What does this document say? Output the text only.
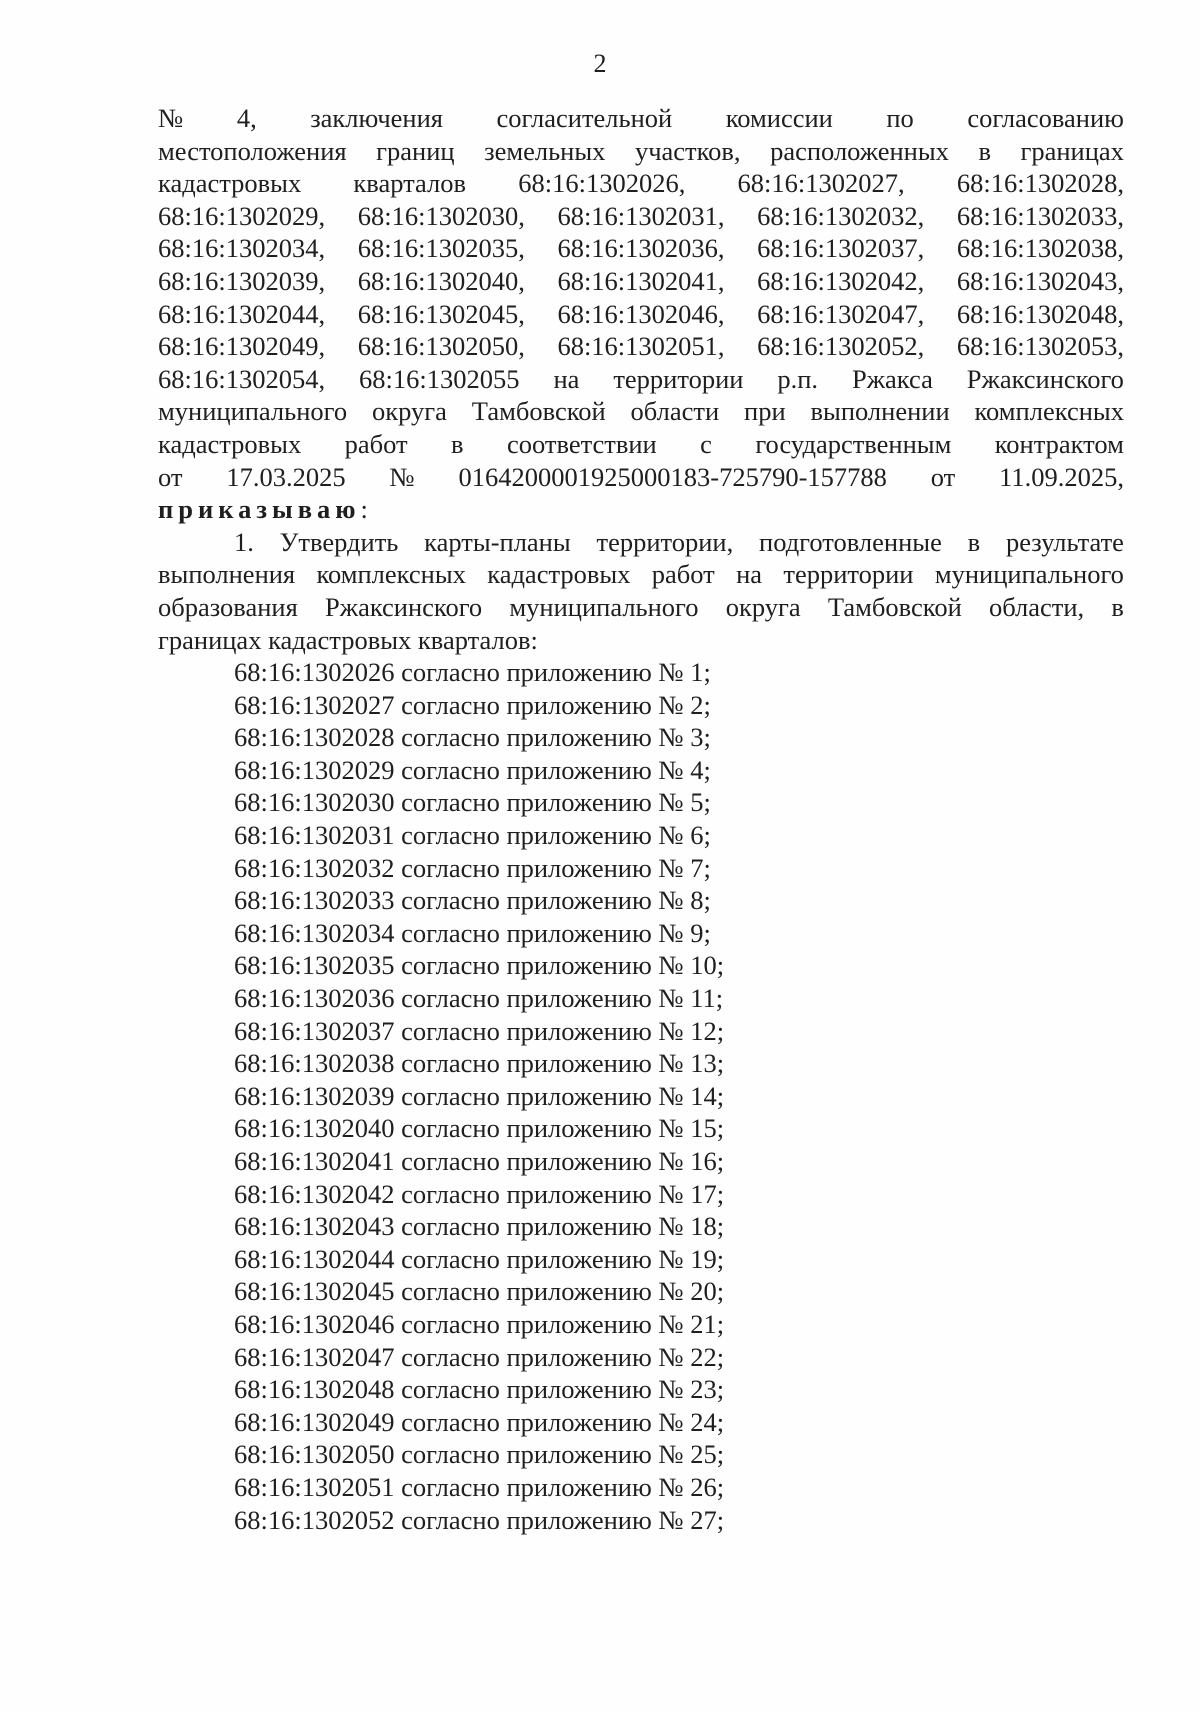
2
№ 4, заключения согласительной комиссии по согласованию
местоположения границ земельных участков, расположенных в границах
кадастровых кварталов 68:16:1302026, 68:16:1302027, 68:16:1302028,
68:16:1302029, 68:16:1302030, 68:16:1302031, 68:16:1302032, 68:16:1302033,
68:16:1302034, 68:16:1302035, 68:16:1302036, 68:16:1302037, 68:16:1302038,
68:16:1302039, 68:16:1302040, 68:16:1302041, 68:16:1302042, 68:16:1302043,
68:16:1302044, 68:16:1302045, 68:16:1302046, 68:16:1302047, 68:16:1302048,
68:16:1302049, 68:16:1302050, 68:16:1302051, 68:16:1302052, 68:16:1302053,
68:16:1302054, 68:16:1302055 на территории р.п. Ржакса Ржаксинского
муниципального округа Тамбовской области при выполнении комплексных
кадастровых работ в соответствии с государственным контрактом
от 17.03.2025 № 0164200001925000183-725790-157788 от 11.09.2025,
приказываю:
1. Утвердить карты-планы территории, подготовленные в результате
выполнения комплексных кадастровых работ на территории муниципального
образования Ржаксинского муниципального округа Тамбовской области, в
границах кадастровых кварталов:
68:16:1302026 согласно приложению № 1;
68:16:1302027 согласно приложению № 2;
68:16:1302028 согласно приложению № 3;
68:16:1302029 согласно приложению № 4;
68:16:1302030 согласно приложению № 5;
68:16:1302031 согласно приложению № 6;
68:16:1302032 согласно приложению № 7;
68:16:1302033 согласно приложению № 8;
68:16:1302034 согласно приложению № 9;
68:16:1302035 согласно приложению № 10;
68:16:1302036 согласно приложению № 11;
68:16:1302037 согласно приложению № 12;
68:16:1302038 согласно приложению № 13;
68:16:1302039 согласно приложению № 14;
68:16:1302040 согласно приложению № 15;
68:16:1302041 согласно приложению № 16;
68:16:1302042 согласно приложению № 17;
68:16:1302043 согласно приложению № 18;
68:16:1302044 согласно приложению № 19;
68:16:1302045 согласно приложению № 20;
68:16:1302046 согласно приложению № 21;
68:16:1302047 согласно приложению № 22;
68:16:1302048 согласно приложению № 23;
68:16:1302049 согласно приложению № 24;
68:16:1302050 согласно приложению № 25;
68:16:1302051 согласно приложению № 26;
68:16:1302052 согласно приложению № 27;
